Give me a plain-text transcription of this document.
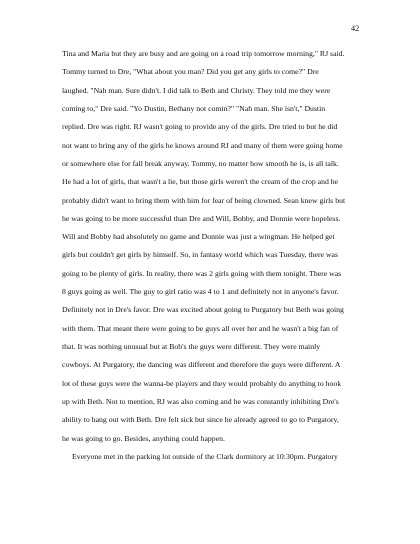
42
Tina and Maria but they are busy and are going on a road trip tomorrow morning," RJ said.
Tommy turned to Dre, "What about you man? Did you get any girls to come?" Dre
laughed. "Nah man. Sure didn't. I did talk to Beth and Christy. They told me they were
coming to," Dre said. "Yo Dustin, Bethany not comin?" "Nah man. She isn't," Dustin
replied. Dre was right. RJ wasn't going to provide any of the girls. Dre tried to but he did
not want to bring any of the girls he knows around RJ and many of them were going home
or somewhere else for fall break anyway. Tommy, no matter how smooth he is, is all talk.
He had a lot of girls, that wasn't a lie, but those girls weren't the cream of the crop and he
probably didn't want to bring them with him for fear of being clowned. Sean knew girls but
he was going to be more successful than Dre and Will, Bobby, and Donnie were hopeless.
Will and Bobby had absolutely no game and Donnie was just a wingman. He helped get
girls but couldn't get girls by himself. So, in fantasy world which was Tuesday, there was
going to be plenty of girls. In reality, there was 2 girls going with them tonight. There was
8 guys going as well. The guy to girl ratio was 4 to 1 and definitely not in anyone's favor.
Definitely not in Dre's favor. Dre was excited about going to Purgatory but Beth was going
with them. That meant there were going to be guys all over her and he wasn't a big fan of
that. It was nothing unusual but at Bob's the guys were different. They were mainly
cowboys. At Purgatory, the dancing was different and therefore the guys were different. A
lot of these guys were the wanna-be players and they would probably do anything to hook
up with Beth. Not to mention, RJ was also coming and he was constantly inhibiting Dre's
ability to hang out with Beth. Dre felt sick but since he already agreed to go to Purgatory,
he was going to go. Besides, anything could happen.
Everyone met in the parking lot outside of the Clark dormitory at 10:30pm. Purgatory
